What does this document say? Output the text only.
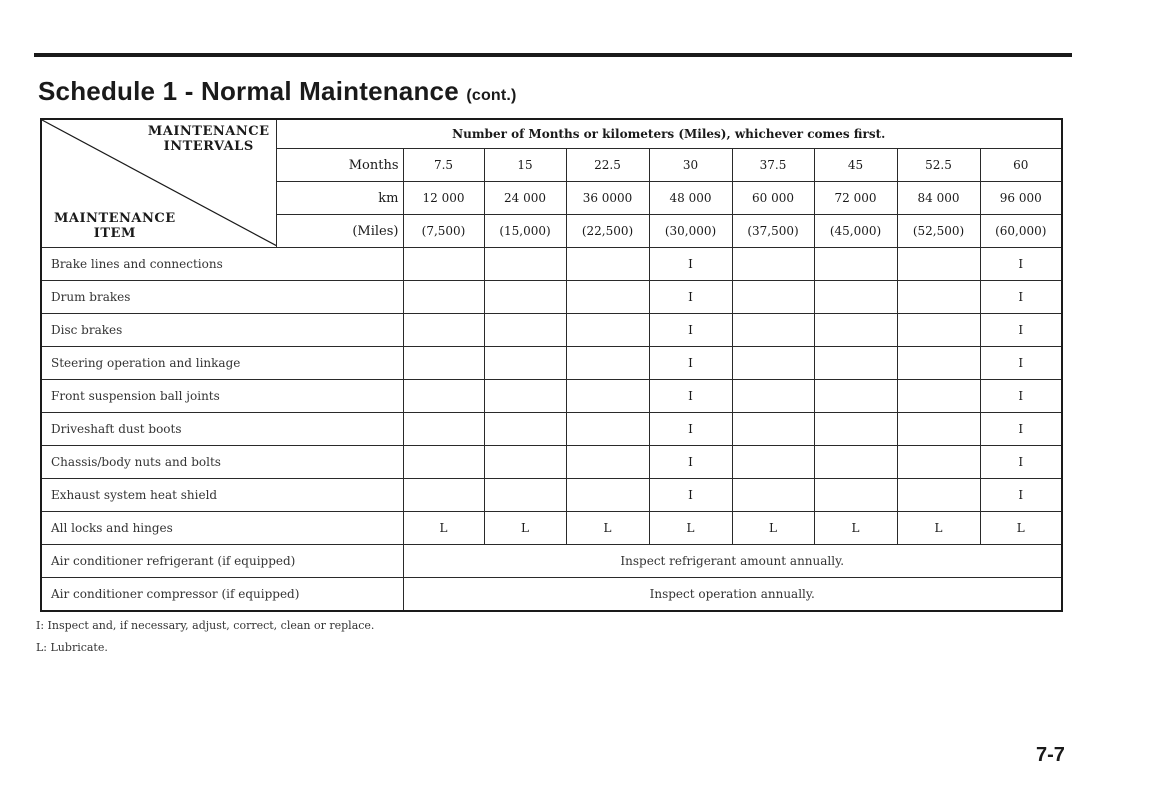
Schedule 1 - Normal Maintenance (cont.)
MAINTENANCE
INTERVALS
MAINTENANCE
ITEM	Number of Months or kilometers (Miles), whichever comes first.								
	Months	7.5	15	22.5	30	37.5	45	52.5	60
	km	12 000	24 000	36 0000	48 000	60 000	72 000	84 000	96 000
	(Miles)	(7,500)	(15,000)	(22,500)	(30,000)	(37,500)	(45,000)	(52,500)	(60,000)
Brake lines and connections					I				I
Drum brakes					I				I
Disc brakes					I				I
Steering operation and linkage					I				I
Front suspension ball joints					I				I
Driveshaft dust boots					I				I
Chassis/body nuts and bolts					I				I
Exhaust system heat shield					I				I
All locks and hinges		L	L	L	L	L	L	L	L
Air conditioner refrigerant (if equipped)		Inspect refrigerant amount annually.							
Air conditioner compressor (if equipped)		Inspect operation annually.							
I: Inspect and, if necessary, adjust, correct, clean or replace.
L: Lubricate.
7-7
